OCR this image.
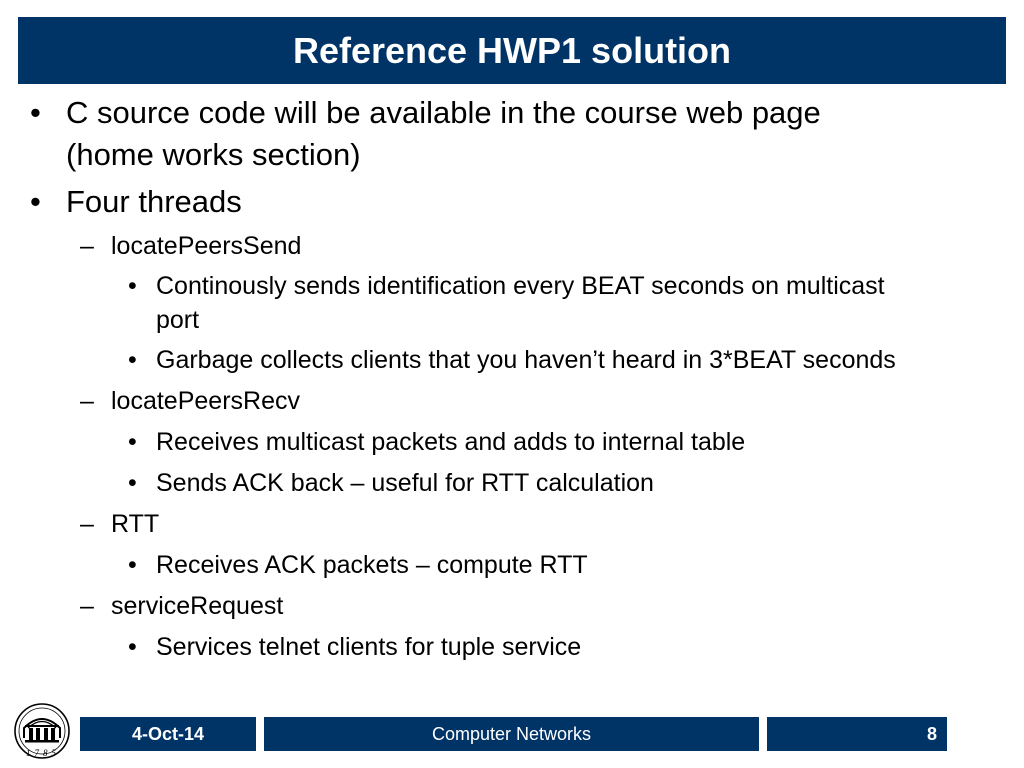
Reference HWP1 solution
• C source code will be available in the course web page
(home works section)
• Four threads
– locatePeersSend
• Continously sends identification every BEAT seconds on multicast
port
• Garbage collects clients that you haven’t heard in 3*BEAT seconds
– locatePeersRecv
• Receives multicast packets and adds to internal table
• Sends ACK back – useful for RTT calculation
– RTT
• Receives ACK packets – compute RTT
– serviceRequest
• Services telnet clients for tuple service
1785
4-Oct-14	Computer Networks	8
